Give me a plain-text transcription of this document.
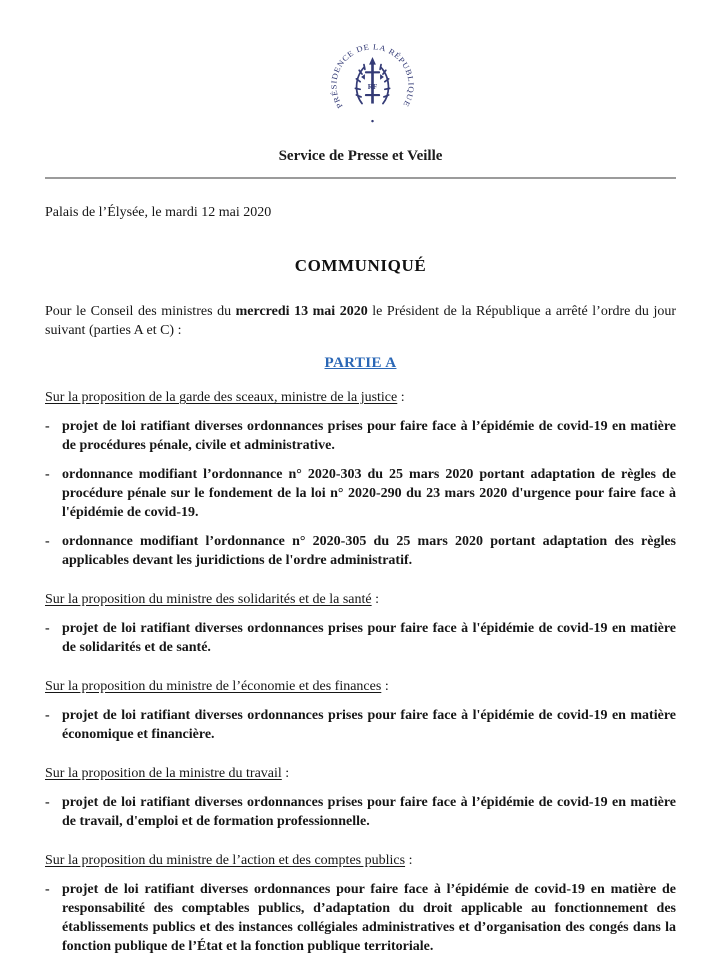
PRÉSIDENCE DE LA RÉPUBLIQUE
RF
Service de Presse et Veille

Palais de l’Élysée, le mardi 12 mai 2020

COMMUNIQUÉ

Pour le Conseil des ministres du mercredi 13 mai 2020 le Président de la République a arrêté l’ordre du jour suivant (parties A et C) :

PARTIE A

Sur la proposition de la garde des sceaux, ministre de la justice :

- projet de loi ratifiant diverses ordonnances prises pour faire face à l’épidémie de covid-19 en matière de procédures pénale, civile et administrative.

- ordonnance modifiant l’ordonnance n° 2020-303 du 25 mars 2020 portant adaptation de règles de procédure pénale sur le fondement de la loi n° 2020-290 du 23 mars 2020 d'urgence pour faire face à l'épidémie de covid-19.

- ordonnance modifiant l’ordonnance n° 2020-305 du 25 mars 2020 portant adaptation des règles applicables devant les juridictions de l'ordre administratif.

Sur la proposition du ministre des solidarités et de la santé :

- projet de loi ratifiant diverses ordonnances prises pour faire face à l'épidémie de covid-19 en matière de solidarités et de santé.

Sur la proposition du ministre de l’économie et des finances :

- projet de loi ratifiant diverses ordonnances prises pour faire face à l'épidémie de covid-19 en matière économique et financière.

Sur la proposition de la ministre du travail :

- projet de loi ratifiant diverses ordonnances prises pour faire face à l’épidémie de covid-19 en matière de travail, d'emploi et de formation professionnelle.

Sur la proposition du ministre de l’action et des comptes publics :

- projet de loi ratifiant diverses ordonnances pour faire face à l’épidémie de covid-19 en matière de responsabilité des comptables publics, d’adaptation du droit applicable au fonctionnement des établissements publics et des instances collégiales administratives et d’organisation des congés dans la fonction publique de l’État et la fonction publique territoriale.
